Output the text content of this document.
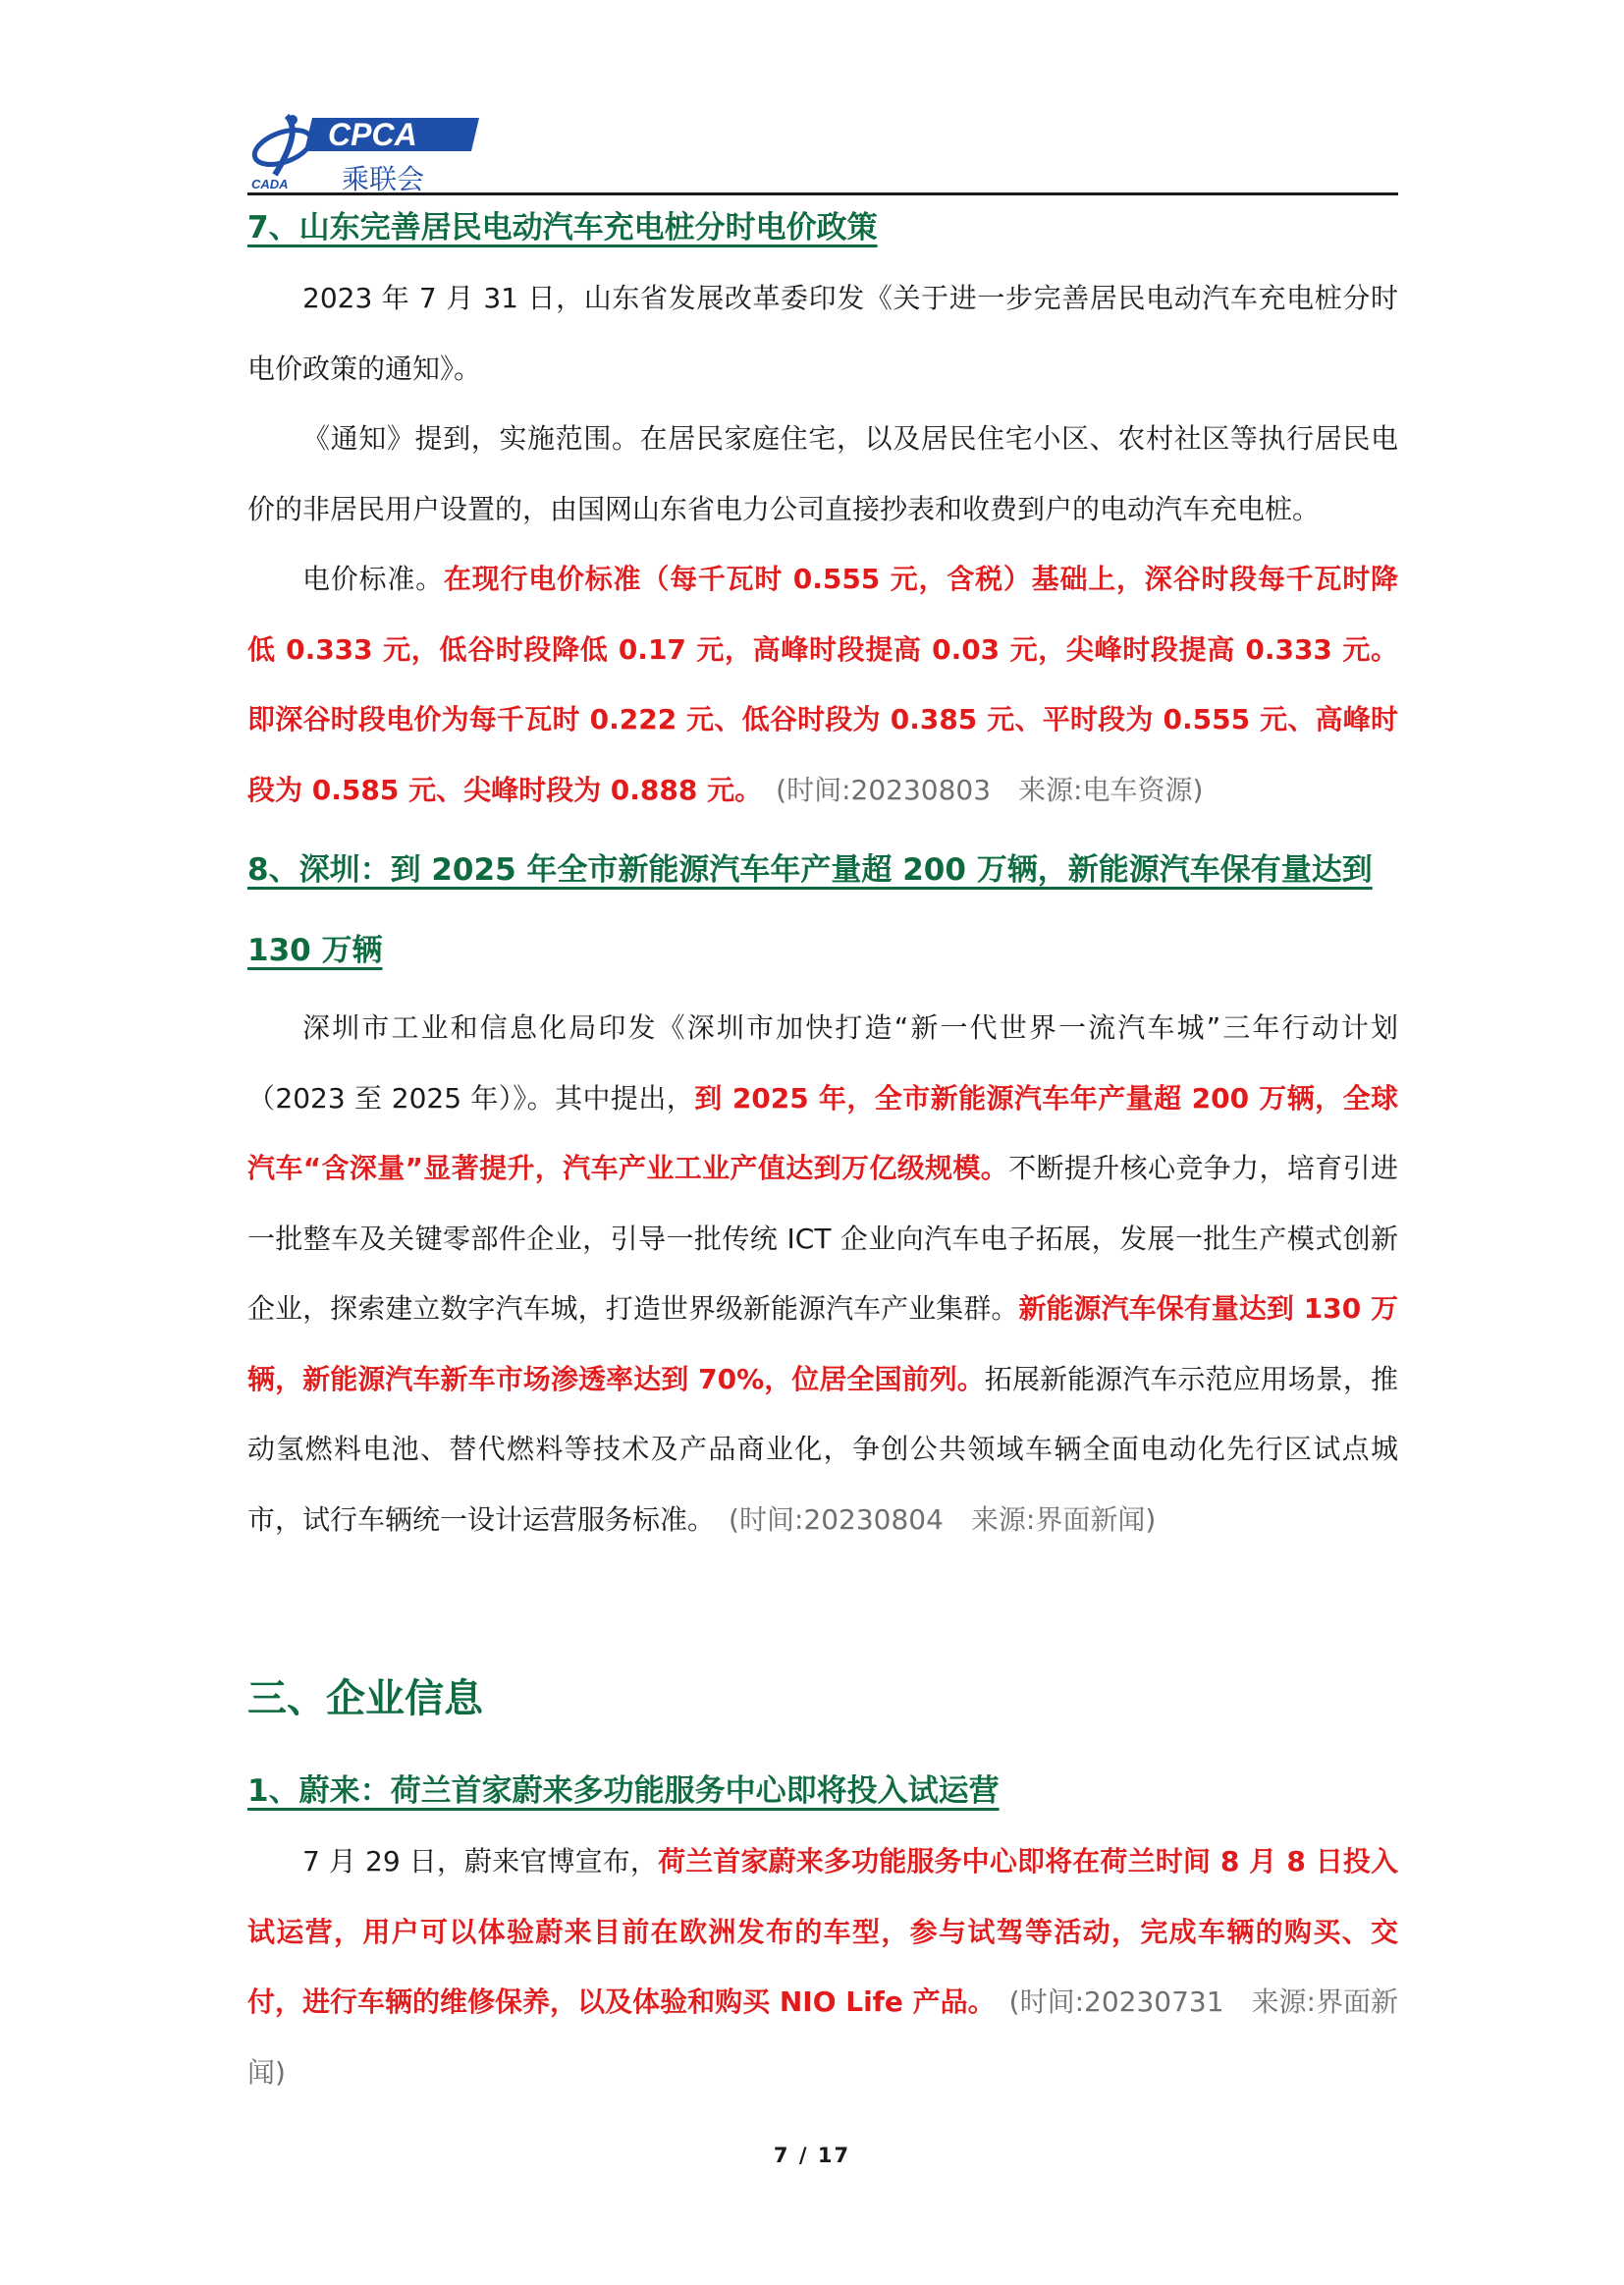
CPCA
CADA 乘联会
7、山东完善居民电动汽车充电桩分时电价政策

2023 年 7 月 31 日，山东省发展改革委印发《关于进一步完善居民电动汽车充电桩分时电价政策的通知》。

《通知》提到，实施范围。在居民家庭住宅，以及居民住宅小区、农村社区等执行居民电价的非居民用户设置的，由国网山东省电力公司直接抄表和收费到户的电动汽车充电桩。

电价标准。在现行电价标准（每千瓦时 0.555 元，含税）基础上，深谷时段每千瓦时降低 0.333 元，低谷时段降低 0.17 元，高峰时段提高 0.03 元，尖峰时段提高 0.333 元。即深谷时段电价为每千瓦时 0.222 元、低谷时段为 0.385 元、平时段为 0.555 元、高峰时段为 0.585 元、尖峰时段为 0.888 元。　 (时间:20230803　来源:电车资源)

8、深圳：到 2025 年全市新能源汽车年产量超 200 万辆，新能源汽车保有量达到 130 万辆

深圳市工业和信息化局印发《深圳市加快打造“新一代世界一流汽车城”三年行动计划（2023 至 2025 年）》。其中提出，到 2025 年，全市新能源汽车年产量超 200 万辆，全球汽车“含深量”显著提升，汽车产业工业产值达到万亿级规模。不断提升核心竞争力，培育引进一批整车及关键零部件企业，引导一批传统 ICT 企业向汽车电子拓展，发展一批生产模式创新企业，探索建立数字汽车城，打造世界级新能源汽车产业集群。新能源汽车保有量达到 130 万辆，新能源汽车新车市场渗透率达到 70%，位居全国前列。拓展新能源汽车示范应用场景，推动氢燃料电池、替代燃料等技术及产品商业化，争创公共领域车辆全面电动化先行区试点城市，试行车辆统一设计运营服务标准。　 (时间:20230804　来源:界面新闻)

三、企业信息
1、蔚来：荷兰首家蔚来多功能服务中心即将投入试运营

7 月 29 日，蔚来官博宣布，荷兰首家蔚来多功能服务中心即将在荷兰时间 8 月 8 日投入试运营，用户可以体验蔚来目前在欧洲发布的车型，参与试驾等活动，完成车辆的购买、交付，进行车辆的维修保养，以及体验和购买 NIO Life 产品。　 (时间:20230731　来源:界面新闻)

7 / 17
